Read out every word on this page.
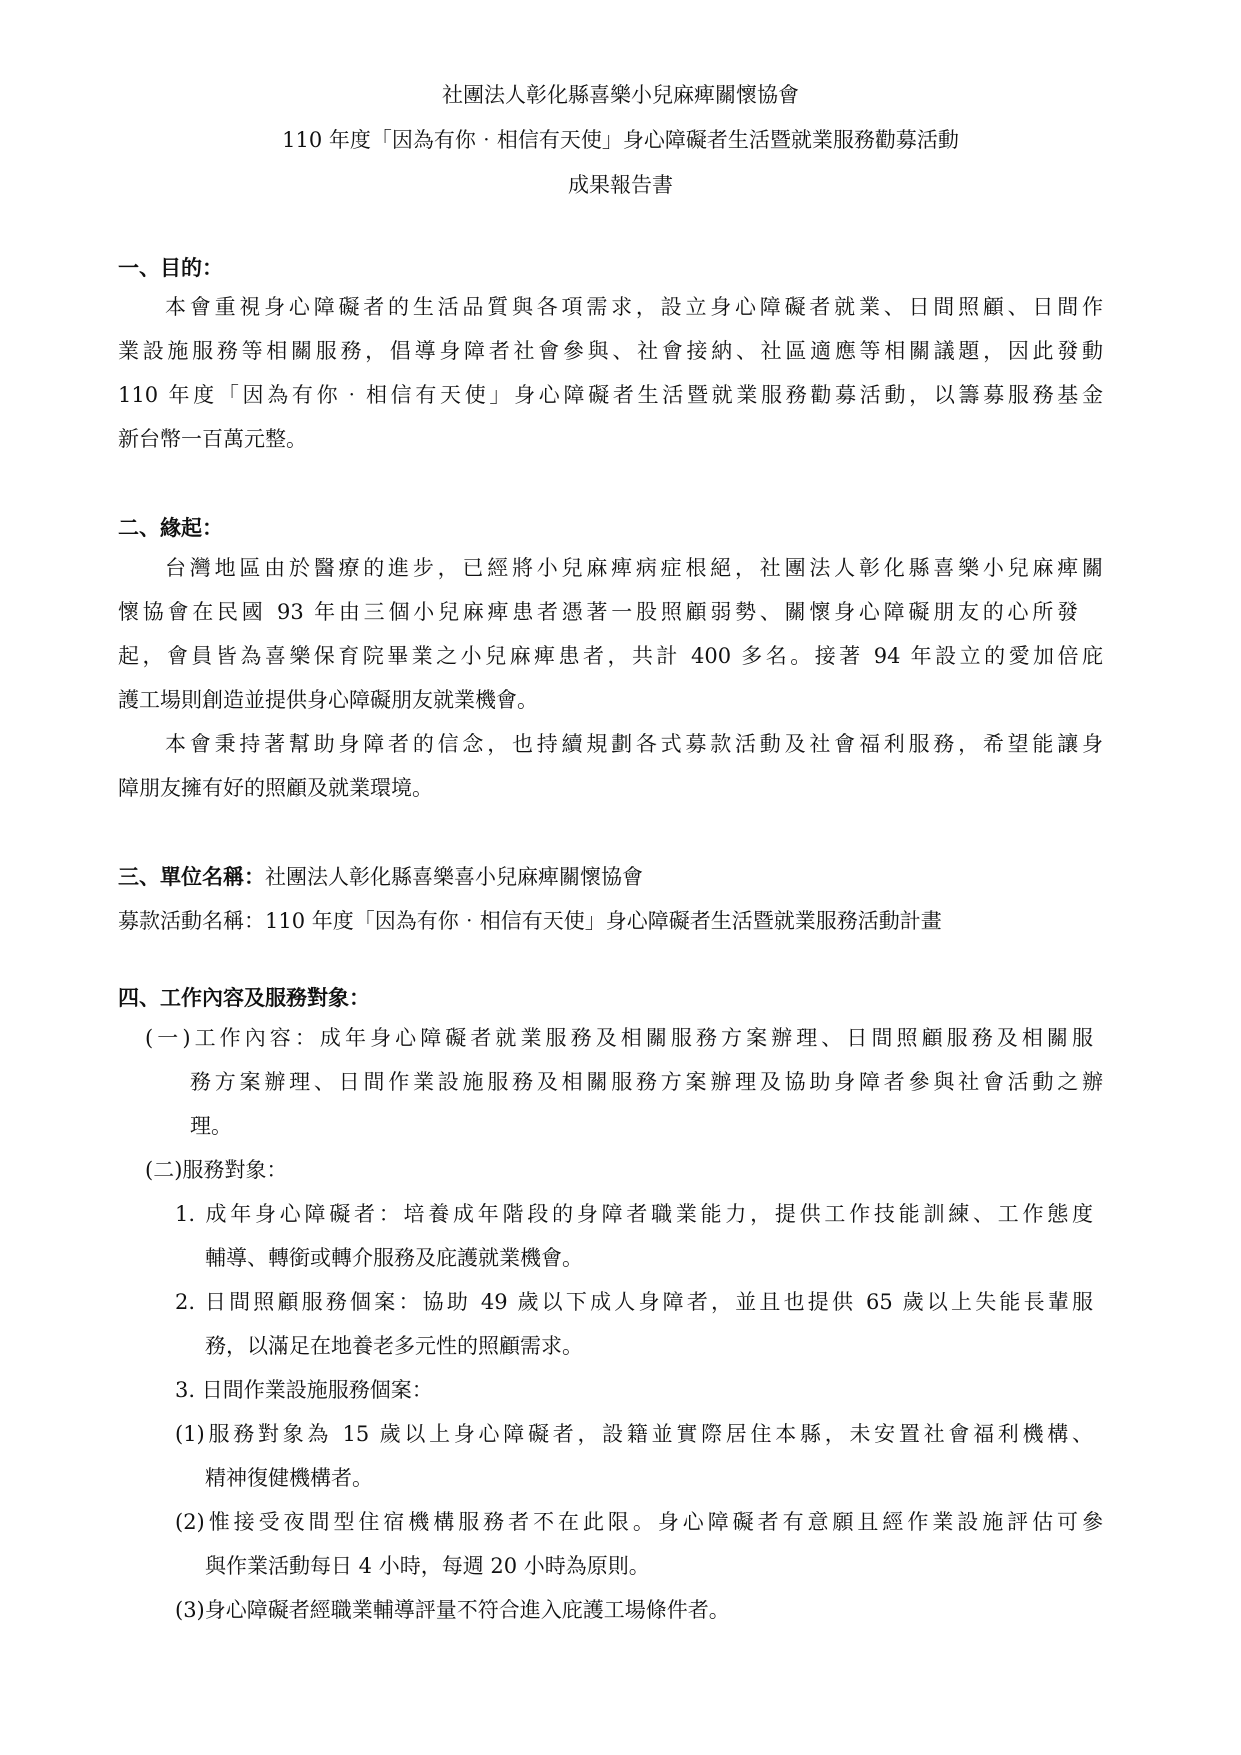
社團法人彰化縣喜樂小兒麻痺關懷協會
110 年度「因為有你‧相信有天使」身心障礙者生活暨就業服務勸募活動
成果報告書
一、目的：
本會重視身心障礙者的生活品質與各項需求，設立身心障礙者就業、日間照顧、日間作
業設施服務等相關服務，倡導身障者社會參與、社會接納、社區適應等相關議題，因此發動
110 年度「因為有你‧相信有天使」身心障礙者生活暨就業服務勸募活動，以籌募服務基金
新台幣一百萬元整。
二、緣起：
台灣地區由於醫療的進步，已經將小兒麻痺病症根絕，社團法人彰化縣喜樂小兒麻痺關
懷協會在民國 93 年由三個小兒麻痺患者憑著一股照顧弱勢、關懷身心障礙朋友的心所發
起，會員皆為喜樂保育院畢業之小兒麻痺患者，共計 400 多名。接著 94 年設立的愛加倍庇
護工場則創造並提供身心障礙朋友就業機會。
本會秉持著幫助身障者的信念，也持續規劃各式募款活動及社會福利服務，希望能讓身
障朋友擁有好的照顧及就業環境。
三、單位名稱：社團法人彰化縣喜樂喜小兒麻痺關懷協會
募款活動名稱：110 年度「因為有你‧相信有天使」身心障礙者生活暨就業服務活動計畫
四、工作內容及服務對象：
(一)工作內容：成年身心障礙者就業服務及相關服務方案辦理、日間照顧服務及相關服
務方案辦理、日間作業設施服務及相關服務方案辦理及協助身障者參與社會活動之辦
理。
(二)服務對象：
1. 成年身心障礙者：培養成年階段的身障者職業能力，提供工作技能訓練、工作態度
輔導、轉銜或轉介服務及庇護就業機會。
2. 日間照顧服務個案：協助 49 歲以下成人身障者，並且也提供 65 歲以上失能長輩服
務，以滿足在地養老多元性的照顧需求。
3. 日間作業設施服務個案：
(1)服務對象為 15 歲以上身心障礙者，設籍並實際居住本縣，未安置社會福利機構、
精神復健機構者。
(2)惟接受夜間型住宿機構服務者不在此限。身心障礙者有意願且經作業設施評估可參
與作業活動每日 4 小時，每週 20 小時為原則。
(3)身心障礙者經職業輔導評量不符合進入庇護工場條件者。
